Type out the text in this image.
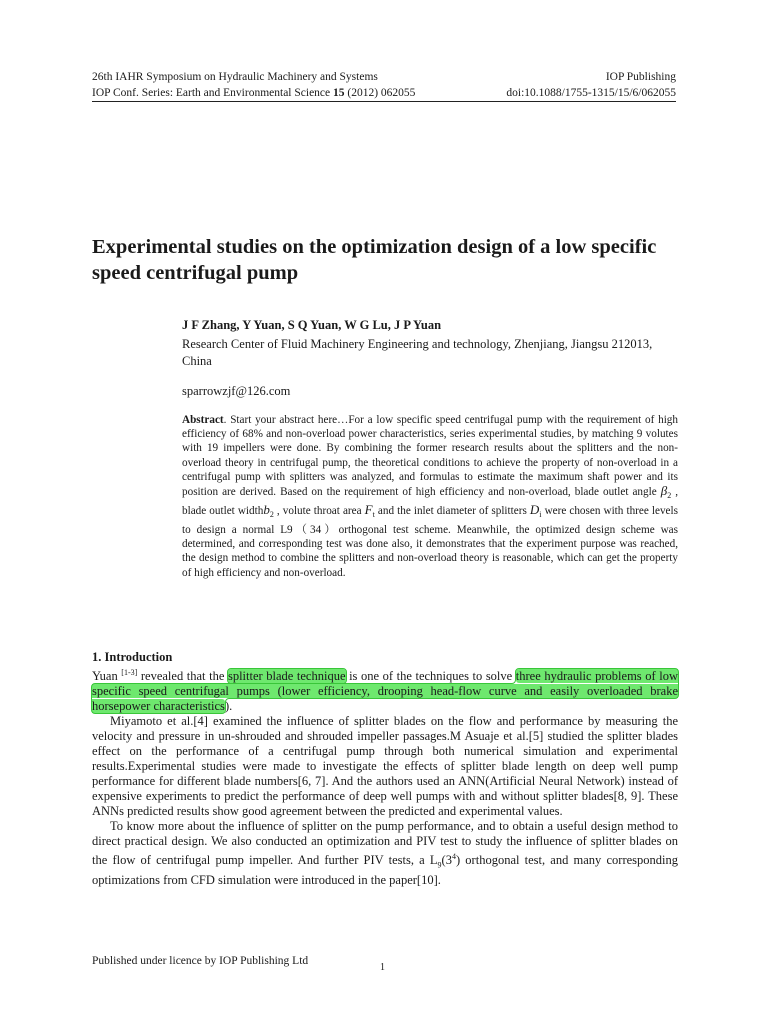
26th IAHR Symposium on Hydraulic Machinery and Systems	IOP Publishing
IOP Conf. Series: Earth and Environmental Science 15 (2012) 062055	doi:10.1088/1755-1315/15/6/062055
Experimental studies on the optimization design of a low specific speed centrifugal pump
J F Zhang, Y Yuan, S Q Yuan, W G Lu, J P Yuan
Research Center of Fluid Machinery Engineering and technology, Zhenjiang, Jiangsu 212013, China
sparrowzjf@126.com
Abstract. Start your abstract here…For a low specific speed centrifugal pump with the requirement of high efficiency of 68% and non-overload power characteristics, series experimental studies, by matching 9 volutes with 19 impellers were done. By combining the former research results about the splitters and the non-overload theory in centrifugal pump, the theoretical conditions to achieve the property of non-overload in a centrifugal pump with splitters was analyzed, and formulas to estimate the maximum shaft power and its position are derived. Based on the requirement of high efficiency and non-overload, blade outlet angle $\beta_2$ , blade outlet widthb$_2$ , volute throat area $F_t$ and the inlet diameter of splitters $D_i$ were chosen with three levels to design a normal L9（34）orthogonal test scheme. Meanwhile, the optimized design scheme was determined, and corresponding test was done also, it demonstrates that the experiment purpose was reached, the design method to combine the splitters and non-overload theory is reasonable, which can get the property of high efficiency and non-overload.
1. Introduction

Yuan [1-3] revealed that the splitter blade technique is one of the techniques to solve three hydraulic problems of low specific speed centrifugal pumps (lower efficiency, drooping head-flow curve and easily overloaded brake horsepower characteristics).

Miyamoto et al.[4] examined the influence of splitter blades on the flow and performance by measuring the velocity and pressure in un-shrouded and shrouded impeller passages.M Asuaje et al.[5] studied the splitter blades effect on the performance of a centrifugal pump through both numerical simulation and experimental results.Experimental studies were made to investigate the effects of splitter blade length on deep well pump performance for different blade numbers[6, 7]. And the authors used an ANN(Artificial Neural Network) instead of expensive experiments to predict the performance of deep well pumps with and without splitter blades[8, 9]. These ANNs predicted results show good agreement between the predicted and experimental values.

To know more about the influence of splitter on the pump performance, and to obtain a useful design method to direct practical design. We also conducted an optimization and PIV test to study the influence of splitter blades on the flow of centrifugal pump impeller. And further PIV tests, a $L_9(3^4)$ orthogonal test, and many corresponding optimizations from CFD simulation were introduced in the paper[10].

Published under licence by IOP Publishing Ltd
1
